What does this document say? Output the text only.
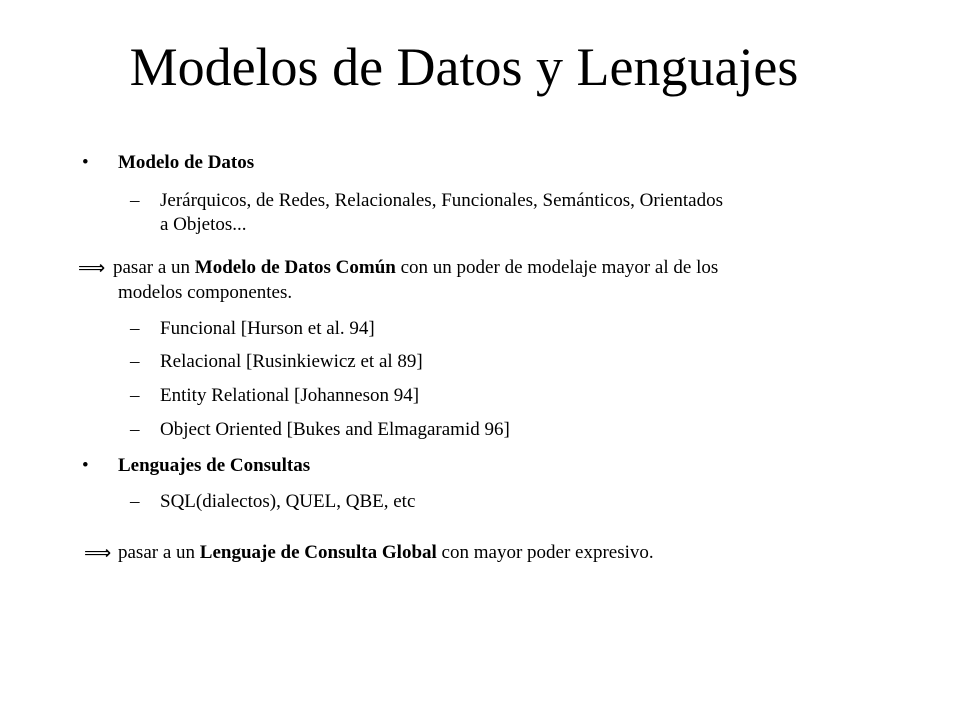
Modelos de Datos y Lenguajes
• Modelo de Datos
– Jerárquicos, de Redes, Relacionales, Funcionales, Semánticos, Orientados
a Objetos...
⟹ pasar a un Modelo de Datos Común con un poder de modelaje mayor al de los
modelos componentes.
– Funcional [Hurson et al. 94]
– Relacional [Rusinkiewicz et al 89]
– Entity Relational [Johanneson 94]
– Object Oriented [Bukes and Elmagaramid 96]
• Lenguajes de Consultas
– SQL(dialectos), QUEL, QBE, etc
⟹ pasar a un Lenguaje de Consulta Global con mayor poder expresivo.
